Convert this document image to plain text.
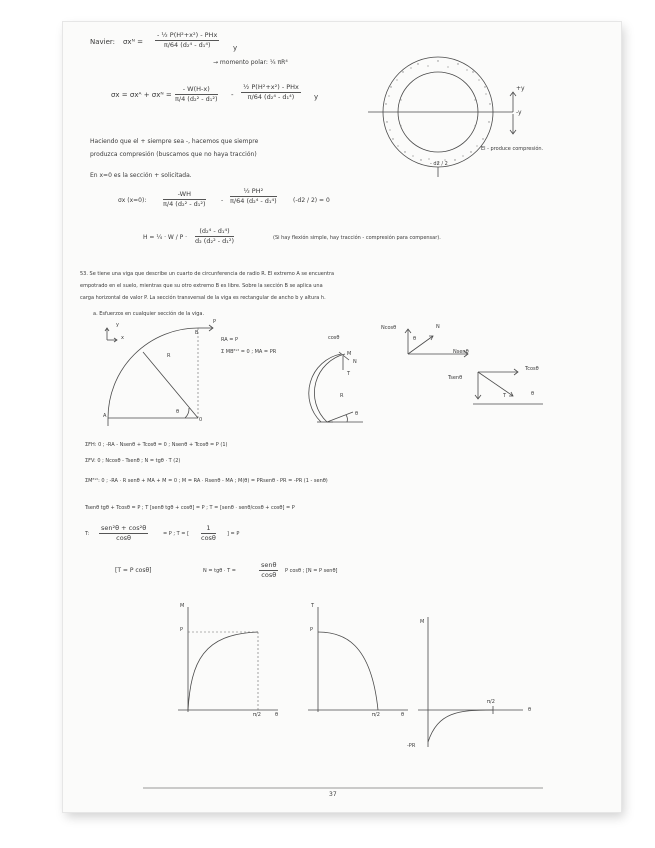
Navier: σxᴺ =
- ½ P(H²+x²) - PHx
π/64 (d₂⁴ - d₁⁴)	y
→ momento polar: ¼ πR⁴
σx = σxᴬ + σxᴺ = $\frac{- W(H-x)}{\text{π/4 (d₂² - d₁²)}}$ -
½ P(H²+x²) - PHx
π/64 (d₂⁴ - d₁⁴)	y
+y
-y
- d2 / 2
El - produce compresión.
Haciendo que el + siempre sea -, hacemos que siempre
produzca compresión (buscamos que no haya tracción)
En x=0 es la sección + solicitada.
σx (x=0):	$\frac{-WH}{\text{π/4 (d₂² - d₁²)}}$	- $\frac{\text{½ PH²}}{\text{π/64 (d₂⁴ - d₁⁴)}}$	(-d2 / 2) = 0
H = ¼ · $W / P \cdot \frac{\text{(d₂⁴ - d₁⁴)}}{\text{d₂ (d₂² - d₁²)}}$	(Si hay flexión simple, hay tracción - compresión para compensar).
53. Se tiene una viga que describe un cuarto de circunferencia de radio R. El extremo A se encuentra
empotrado en el suelo, mientras que su otro extremo B es libre. Sobre la sección B se aplica una
carga horizontal de valor P. La sección transversal de la viga es rectangular de ancho b y altura h.
a. Esfuerzos en cualquier sección de la viga.
y
x
P
B
R
A
θ
0
RA = P
Σ MBᴱˣᵗ = 0 ; MA = PR
cosθ
M
N
T
R
θ
Ncosθ
Nsenθ
N
θ
Tsenθ
Tcosθ
T	θ
ΣFH: 0 ; -RA - Nsenθ + Tcosθ = 0 ; Nsenθ + Tcosθ = P (1)
ΣFV: 0 ; Ncosθ - Tsenθ ; N = tgθ · T (2)
ΣMᴱˣᵗ: 0 ; -RA · R senθ + MA + M = 0 ; M = RA · Rsenθ - MA ; M(θ) = PRsenθ - PR = -PR (1 - senθ)
Tsenθ tgθ + Tcosθ = P ; T [senθ tgθ + cosθ] = P ; T = [senθ · senθ/cosθ + cosθ] = P
T:
sen²θ + cos²θ
cosθ	= P ; T = [ $\frac{1}{\cos\theta}$ ] = P
[T = P cosθ]	N = tgθ · T =
senθ
cosθ	P cosθ ; [N = P senθ]
M
P
π/2	θ
T
P
π/2	θ
M
π/2
θ
-PR
37
